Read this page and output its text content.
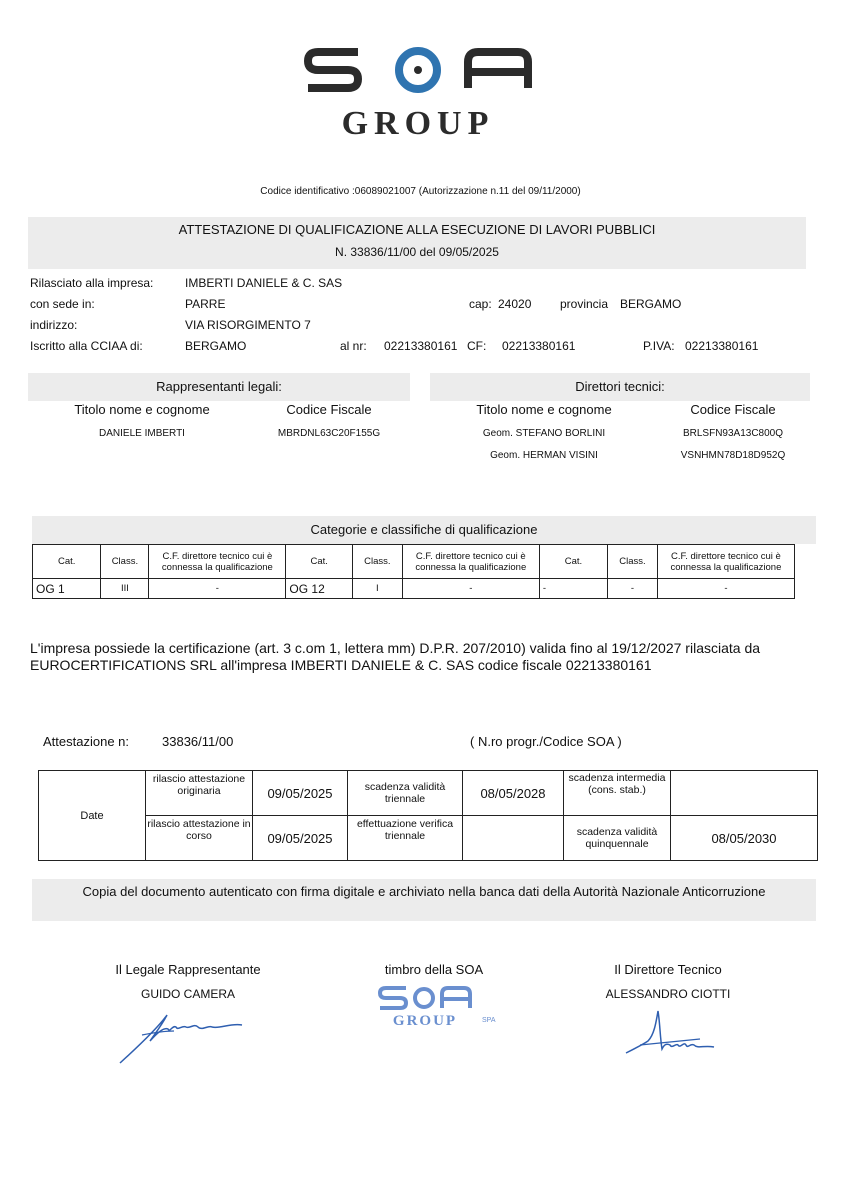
GROUP
Codice identificativo :06089021007 (Autorizzazione n.11 del 09/11/2000)
ATTESTAZIONE DI QUALIFICAZIONE ALLA ESECUZIONE DI LAVORI PUBBLICI
N. 33836/11/00 del 09/05/2025
Rilasciato alla impresa:	IMBERTI DANIELE & C. SAS
con sede in:	PARRE	cap: 24020 provincia BERGAMO
indirizzo:	VIA RISORGIMENTO 7
Iscritto alla CCIAA di:	BERGAMO	al nr: 02213380161 CF: 02213380161	P.IVA: 02213380161
Rappresentanti legali:
Titolo nome e cognome	Codice Fiscale
DANIELE IMBERTI	MBRDNL63C20F155G
Direttori tecnici:
Titolo nome e cognome	Codice Fiscale
Geom. STEFANO BORLINI	BRLSFN93A13C800Q
Geom. HERMAN VISINI	VSNHMN78D18D952Q
Categorie e classifiche di qualificazione
Cat.	Class.	C.F. direttore tecnico cui è connessa la qualificazione	Cat.	Class.	C.F. direttore tecnico cui è connessa la qualificazione	Cat.	Class.	C.F. direttore tecnico cui è connessa la qualificazione
OG 1	III	-	OG 12	I	-	-	-	-
L'impresa possiede la certificazione (art. 3 c.om 1, lettera mm) D.P.R. 207/2010) valida fino al 19/12/2027 rilasciata da EUROCERTIFICATIONS SRL all'impresa IMBERTI DANIELE & C. SAS codice fiscale 02213380161
Attestazione n:	33836/11/00	( N.ro progr./Codice SOA )
Date	rilascio attestazione originaria	09/05/2025	scadenza validità triennale	08/05/2028	scadenza intermedia (cons. stab.)	
	rilascio attestazione in corso	09/05/2025	effettuazione verifica triennale		scadenza validità quinquennale	08/05/2030
Copia del documento autenticato con firma digitale e archiviato nella banca dati della Autorità Nazionale Anticorruzione
Il Legale Rappresentante
GUIDO CAMERA
timbro della SOA
GROUP	SPA
Il Direttore Tecnico
ALESSANDRO CIOTTI
